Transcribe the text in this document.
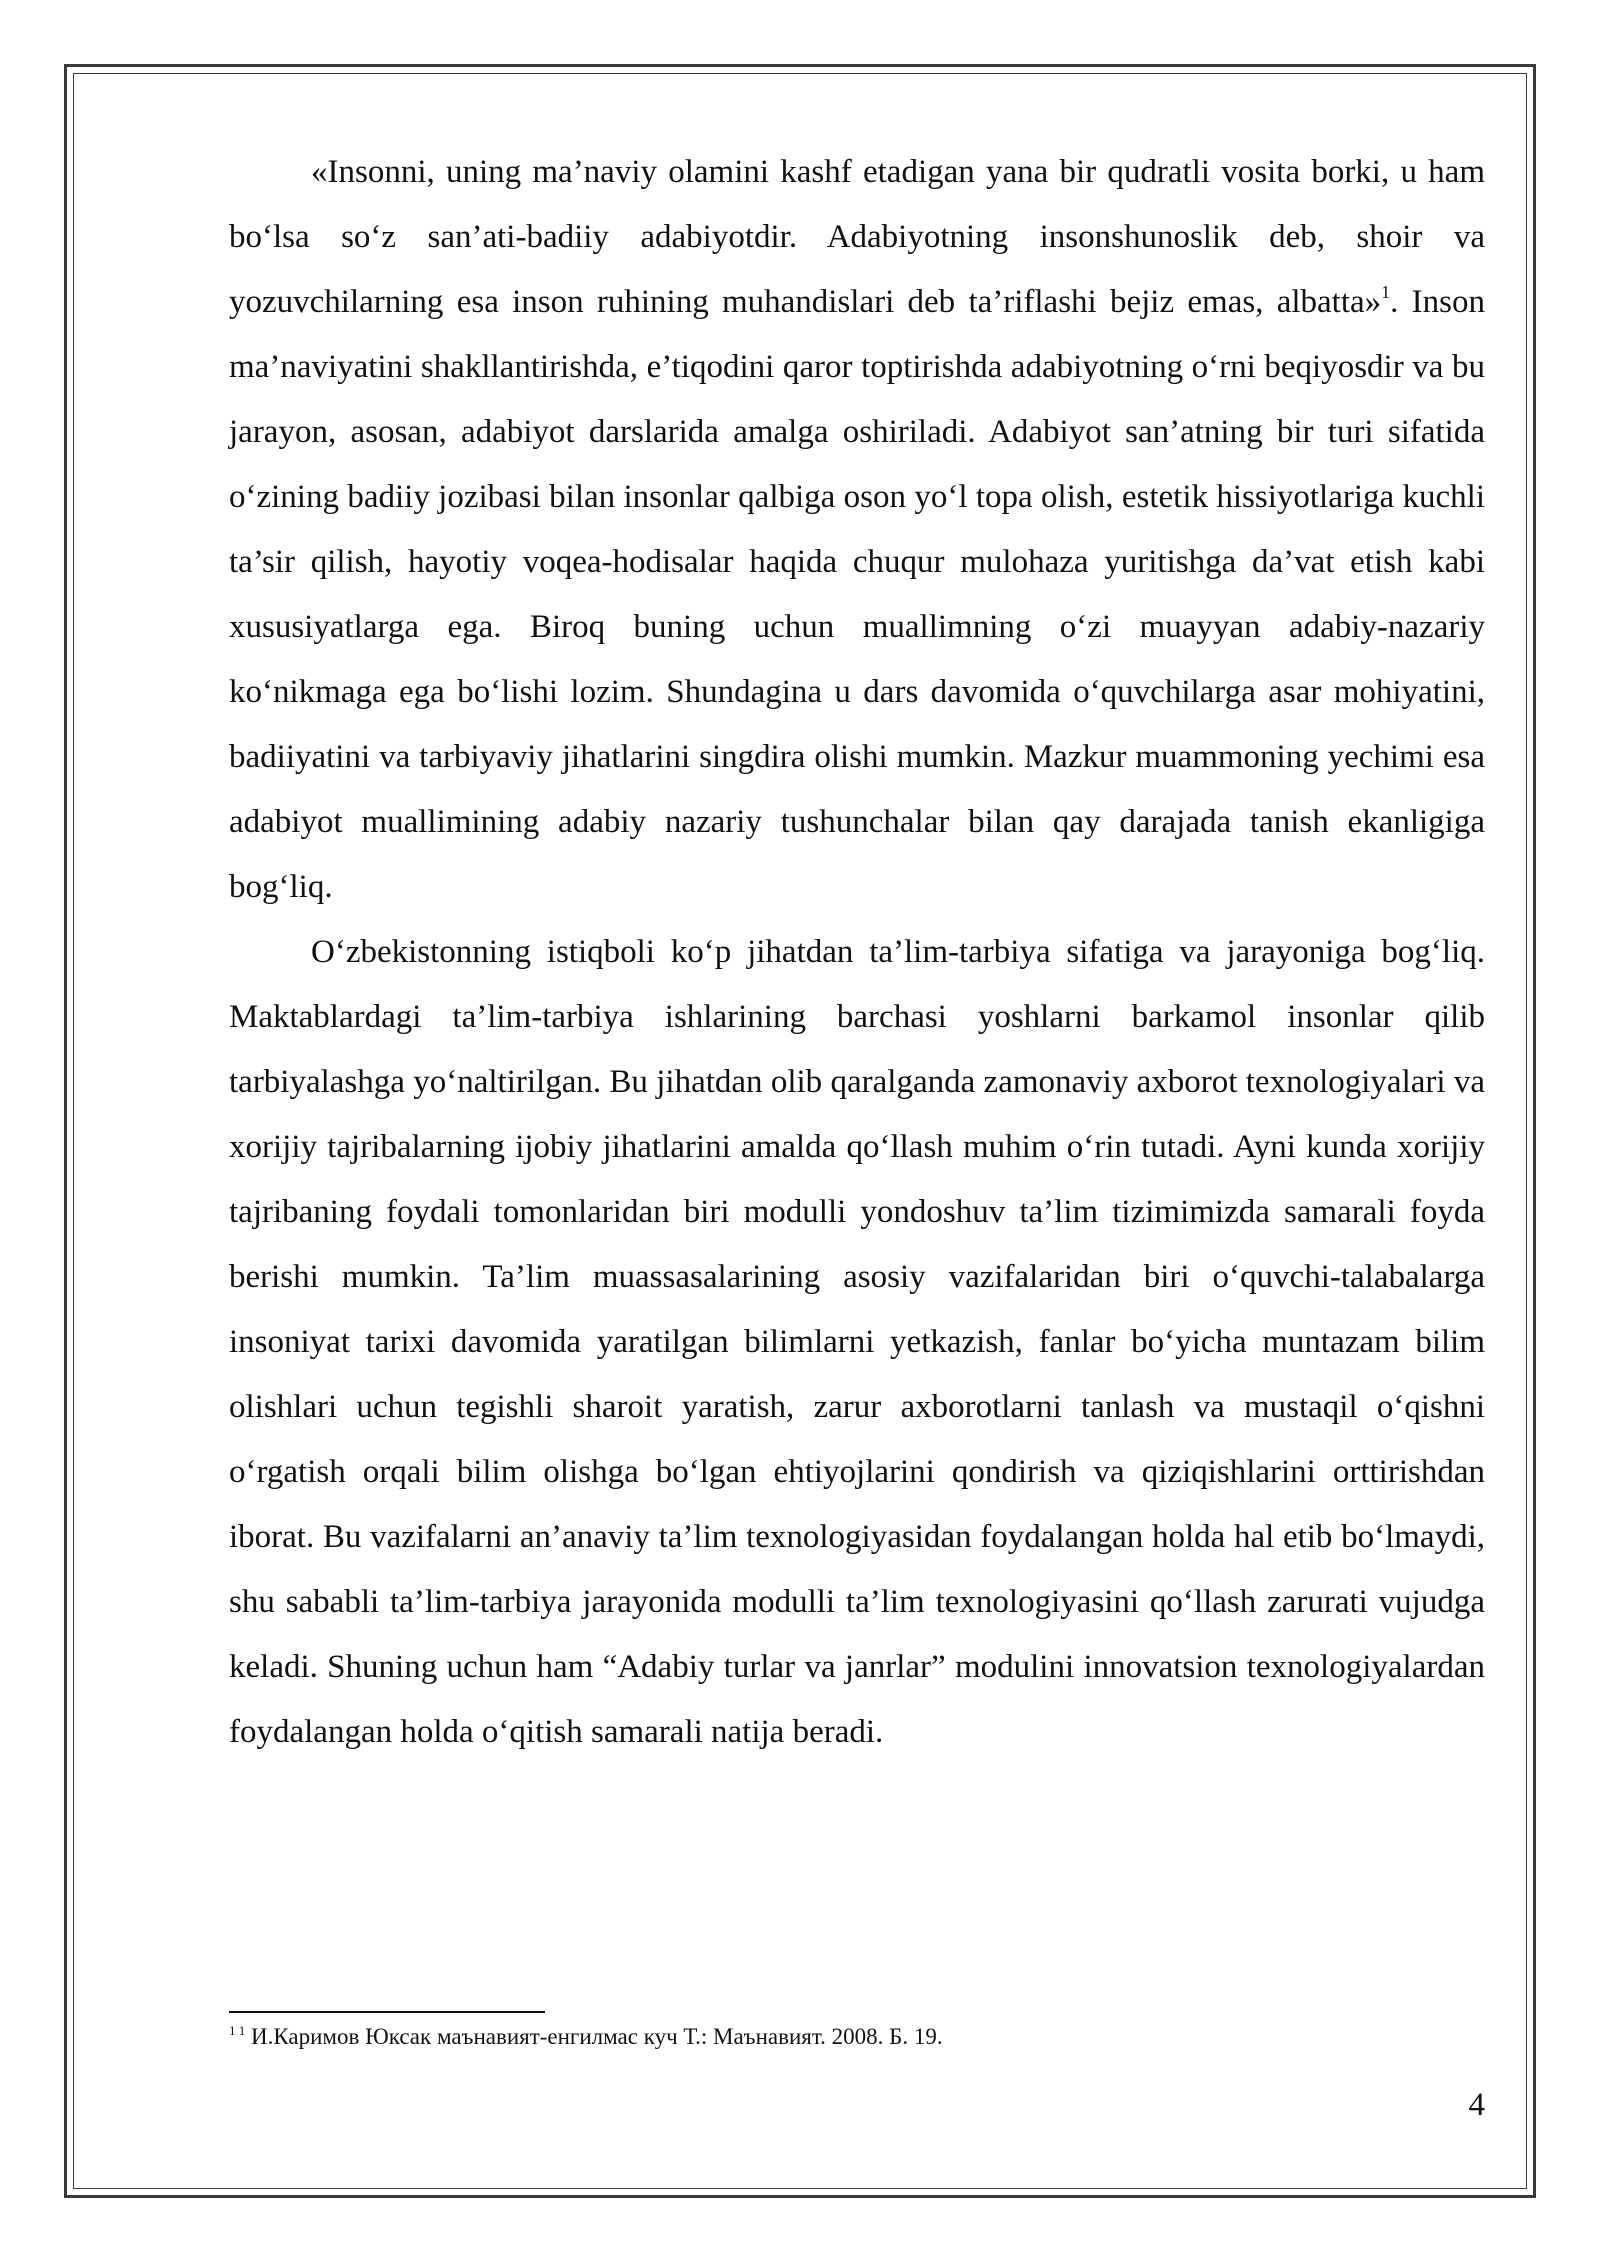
«Insonni, uning ma’naviy olamini kashf etadigan yana bir qudratli vosita borki, u ham bo‘lsa so‘z san’ati-badiiy adabiyotdir. Adabiyotning insonshunoslik deb, shoir va yozuvchilarning esa inson ruhining muhandislari deb ta’riflashi bejiz emas, albatta»$^1$. Inson ma’naviyatini shakllantirishda, e’tiqodini qaror toptirishda adabiyotning o‘rni beqiyosdir va bu jarayon, asosan, adabiyot darslarida amalga oshiriladi. Adabiyot san’atning bir turi sifatida o‘zining badiiy jozibasi bilan insonlar qalbiga oson yo‘l topa olish, estetik hissiyotlariga kuchli ta’sir qilish, hayotiy voqea-hodisalar haqida chuqur mulohaza yuritishga da’vat etish kabi xususiyatlarga ega. Biroq buning uchun muallimning o‘zi muayyan adabiy-nazariy ko‘nikmaga ega bo‘lishi lozim. Shundagina u dars davomida o‘quvchilarga asar mohiyatini, badiiyatini va tarbiyaviy jihatlarini singdira olishi mumkin. Mazkur muammoning yechimi esa adabiyot muallimining adabiy nazariy tushunchalar bilan qay darajada tanish ekanligiga bog‘liq.

O‘zbekistonning istiqboli ko‘p jihatdan ta’lim-tarbiya sifatiga va jarayoniga bog‘liq. Maktablardagi ta’lim-tarbiya ishlarining barchasi yoshlarni barkamol insonlar qilib tarbiyalashga yo‘naltirilgan. Bu jihatdan olib qaralganda zamonaviy axborot texnologiyalari va xorijiy tajribalarning ijobiy jihatlarini amalda qo‘llash muhim o‘rin tutadi. Ayni kunda xorijiy tajribaning foydali tomonlaridan biri modulli yondoshuv ta’lim tizimimizda samarali foyda berishi mumkin. Ta’lim muassasalarining asosiy vazifalaridan biri o‘quvchi-talabalarga insoniyat tarixi davomida yaratilgan bilimlarni yetkazish, fanlar bo‘yicha muntazam bilim olishlari uchun tegishli sharoit yaratish, zarur axborotlarni tanlash va mustaqil o‘qishni o‘rgatish orqali bilim olishga bo‘lgan ehtiyojlarini qondirish va qiziqishlarini orttirishdan iborat. Bu vazifalarni an’anaviy ta’lim texnologiyasidan foydalangan holda hal etib bo‘lmaydi, shu sababli ta’lim-tarbiya jarayonida modulli ta’lim texnologiyasini qo‘llash zarurati vujudga keladi. Shuning uchun ham “Adabiy turlar va janrlar” modulini innovatsion texnologiyalardan foydalangan holda o‘qitish samarali natija beradi.

$^{1 1}$ И.Каримов Юксак маънавият-енгилмас куч Т.: Маънавият. 2008. Б. 19.
4
